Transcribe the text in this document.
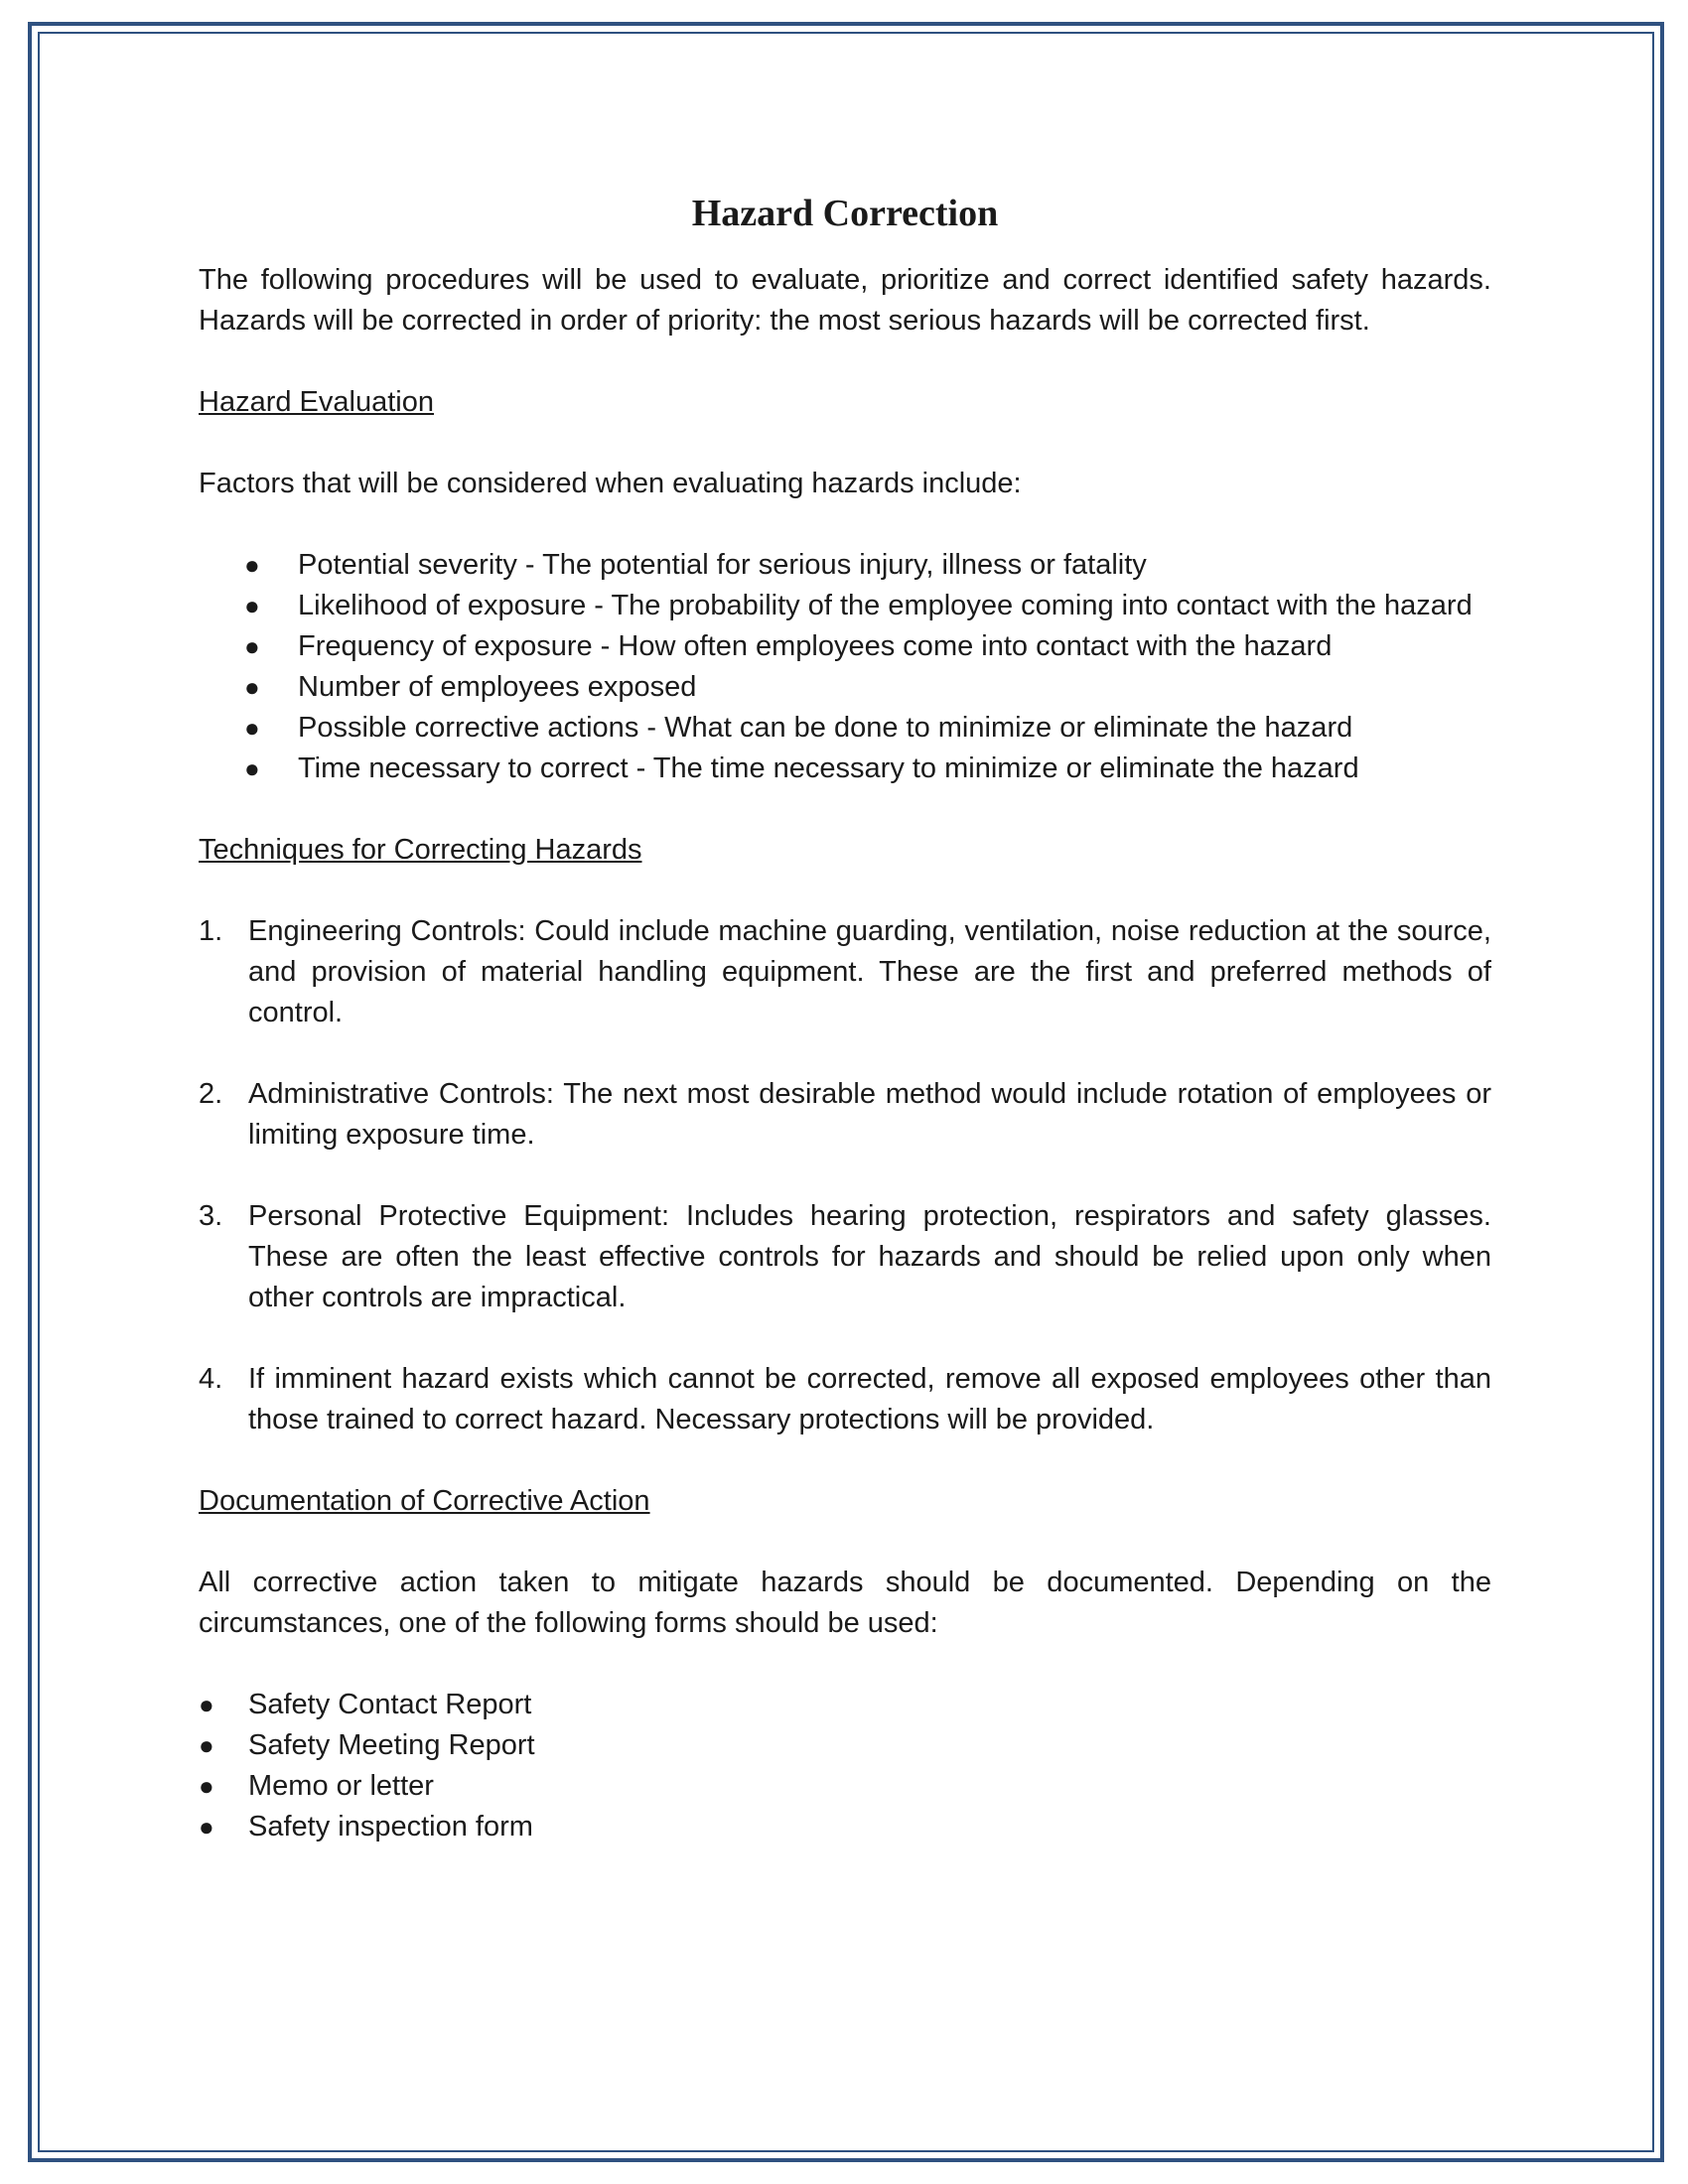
Hazard Correction

The following procedures will be used to evaluate, prioritize and correct identified safety hazards. Hazards will be corrected in order of priority: the most serious hazards will be corrected first.

Hazard Evaluation

Factors that will be considered when evaluating hazards include:

● Potential severity - The potential for serious injury, illness or fatality
● Likelihood of exposure - The probability of the employee coming into contact with the hazard
● Frequency of exposure - How often employees come into contact with the hazard
● Number of employees exposed
● Possible corrective actions - What can be done to minimize or eliminate the hazard
● Time necessary to correct - The time necessary to minimize or eliminate the hazard

Techniques for Correcting Hazards

1. Engineering Controls: Could include machine guarding, ventilation, noise reduction at the source, and provision of material handling equipment. These are the first and preferred methods of control.
2. Administrative Controls: The next most desirable method would include rotation of employees or limiting exposure time.
3. Personal Protective Equipment: Includes hearing protection, respirators and safety glasses. These are often the least effective controls for hazards and should be relied upon only when other controls are impractical.
4. If imminent hazard exists which cannot be corrected, remove all exposed employees other than those trained to correct hazard. Necessary protections will be provided.

Documentation of Corrective Action

All corrective action taken to mitigate hazards should be documented. Depending on the circumstances, one of the following forms should be used:

● Safety Contact Report
● Safety Meeting Report
● Memo or letter
● Safety inspection form
